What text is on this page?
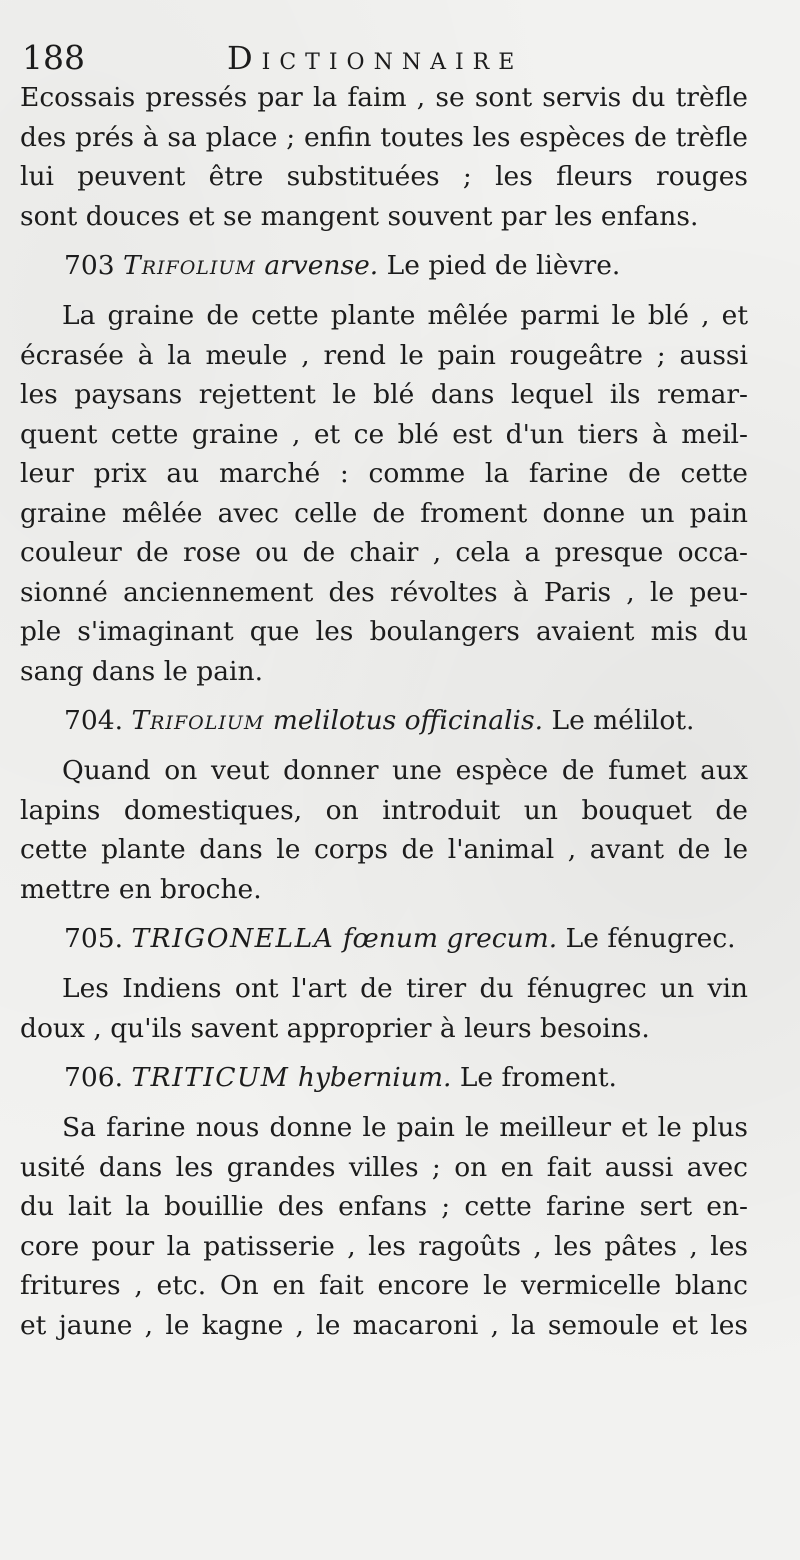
188	Dictionnaire
Ecossais pressés par la faim , se sont servis du trèfle
des prés à sa place ; enfin toutes les espèces de trèfle
lui peuvent être substituées ; les fleurs rouges
sont douces et se mangent souvent par les enfans.
703 Trifolium arvense. Le pied de lièvre.
La graine de cette plante mêlée parmi le blé , et
écrasée à la meule , rend le pain rougeâtre ; aussi
les paysans rejettent le blé dans lequel ils remar-
quent cette graine , et ce blé est d'un tiers à meil-
leur prix au marché : comme la farine de cette
graine mêlée avec celle de froment donne un pain
couleur de rose ou de chair , cela a presque occa-
sionné anciennement des révoltes à Paris , le peu-
ple s'imaginant que les boulangers avaient mis du
sang dans le pain.
704. Trifolium melilotus officinalis. Le mélilot.
Quand on veut donner une espèce de fumet aux
lapins domestiques, on introduit un bouquet de
cette plante dans le corps de l'animal , avant de le
mettre en broche.
705. TRIGONELLA fœnum grecum. Le fénugrec.
Les Indiens ont l'art de tirer du fénugrec un vin
doux , qu'ils savent approprier à leurs besoins.
706. TRITICUM hybernium. Le froment.
Sa farine nous donne le pain le meilleur et le plus
usité dans les grandes villes ; on en fait aussi avec
du lait la bouillie des enfans ; cette farine sert en-
core pour la patisserie , les ragoûts , les pâtes , les
fritures , etc. On en fait encore le vermicelle blanc
et jaune , le kagne , le macaroni , la semoule et les
